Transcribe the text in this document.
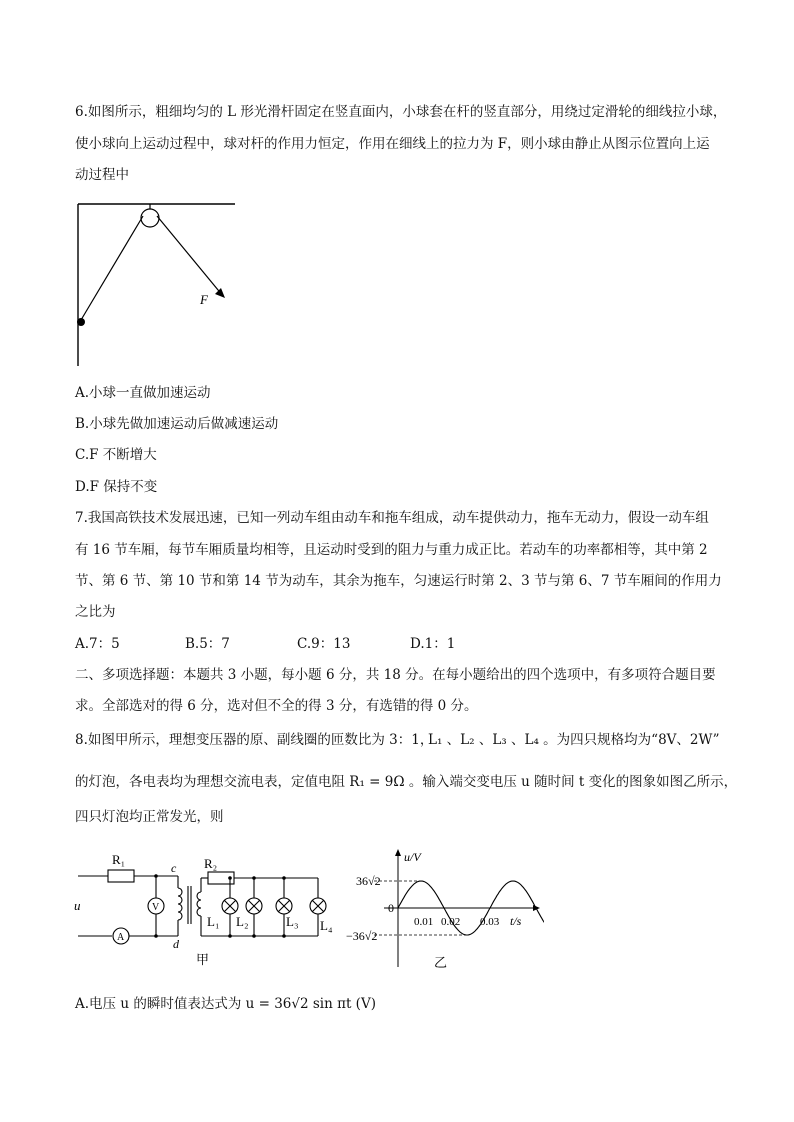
6.如图所示，粗细均匀的 L 形光滑杆固定在竖直面内，小球套在杆的竖直部分，用绕过定滑轮的细线拉小球，
使小球向上运动过程中，球对杆的作用力恒定，作用在细线上的拉力为 F，则小球由静止从图示位置向上运
动过程中
F
A.小球一直做加速运动
B.小球先做加速运动后做减速运动
C.F 不断增大
D.F 保持不变
7.我国高铁技术发展迅速，已知一列动车组由动车和拖车组成，动车提供动力，拖车无动力，假设一动车组
有 16 节车厢，每节车厢质量均相等，且运动时受到的阻力与重力成正比。若动车的功率都相等，其中第 2
节、第 6 节、第 10 节和第 14 节为动车，其余为拖车，匀速运行时第 2、3 节与第 6、7 节车厢间的作用力
之比为
A.7：5	B.5：7	C.9：13	D.1：1
二、多项选择题：本题共 3 小题，每小题 6 分，共 18 分。在每小题给出的四个选项中，有多项符合题目要
求。全部选对的得 6 分，选对但不全的得 3 分，有选错的得 0 分。
8.如图甲所示，理想变压器的原、副线圈的匝数比为 3：1，
L₁ 、L₂ 、L₃ 、L₄ 。为四只规格均为“8V、2W”
的灯泡，各电表均为理想交流电表，定值电阻 R₁ = 9Ω 。输入端交变电压 u 随时间 t 变化的图象如图乙所示，
四只灯泡均正常发光，则
R₁	R₂
u
c
d
V
A
L₁ L₂	L₃ L₄
甲
u/V
t/s
36√2
−36√2
0
0.01 0.02 0.03
乙
A.电压 u 的瞬时值表达式为 u = 36√2 sin πt (V)
